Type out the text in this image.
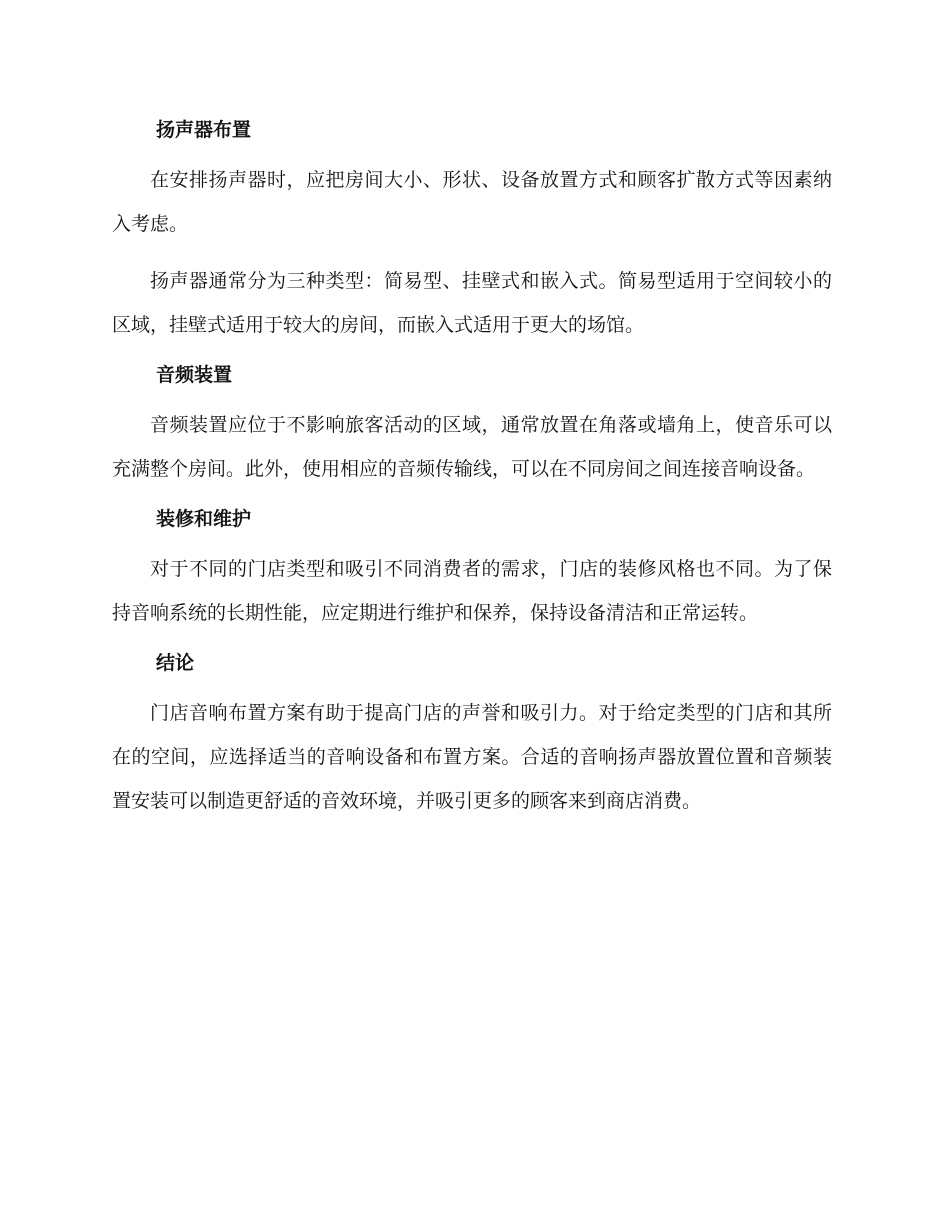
扬声器布置

在安排扬声器时，应把房间大小、形状、设备放置方式和顾客扩散方式等因素纳入考虑。

扬声器通常分为三种类型：简易型、挂壁式和嵌入式。简易型适用于空间较小的区域，挂壁式适用于较大的房间，而嵌入式适用于更大的场馆。

音频装置

音频装置应位于不影响旅客活动的区域，通常放置在角落或墙角上，使音乐可以充满整个房间。此外，使用相应的音频传输线，可以在不同房间之间连接音响设备。

装修和维护

对于不同的门店类型和吸引不同消费者的需求，门店的装修风格也不同。为了保持音响系统的长期性能，应定期进行维护和保养，保持设备清洁和正常运转。

结论

门店音响布置方案有助于提高门店的声誉和吸引力。对于给定类型的门店和其所在的空间，应选择适当的音响设备和布置方案。合适的音响扬声器放置位置和音频装置安装可以制造更舒适的音效环境，并吸引更多的顾客来到商店消费。
